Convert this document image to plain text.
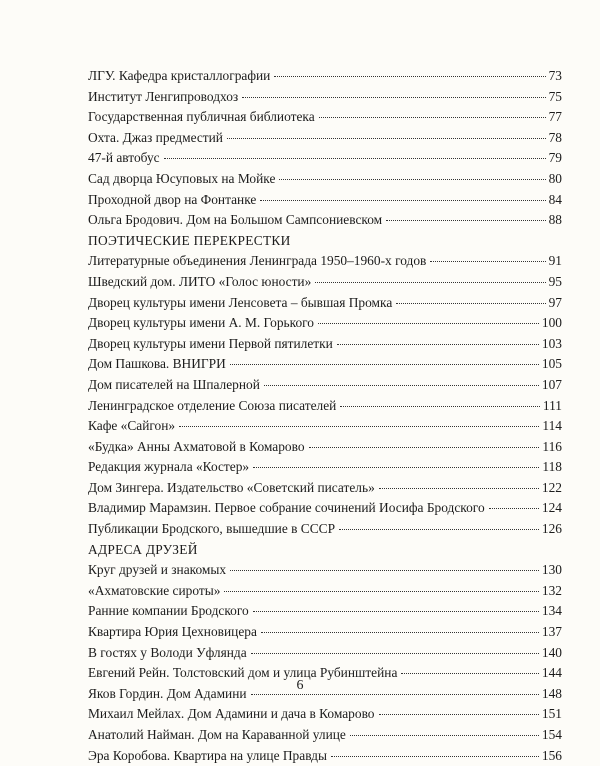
ЛГУ. Кафедра кристаллографии	73
Институт Ленгипроводхоз	75
Государственная публичная библиотека	77
Охта. Джаз предместий	78
47-й автобус	79
Сад дворца Юсуповых на Мойке	80
Проходной двор на Фонтанке	84
Ольга Бродович. Дом на Большом Сампсониевском	88
ПОЭТИЧЕСКИЕ ПЕРЕКРЕСТКИ
Литературные объединения Ленинграда 1950–1960-х годов	91
Шведский дом. ЛИТО «Голос юности»	95
Дворец культуры имени Ленсовета – бывшая Промка	97
Дворец культуры имени А. М. Горького	100
Дворец культуры имени Первой пятилетки	103
Дом Пашкова. ВНИГРИ	105
Дом писателей на Шпалерной	107
Ленинградское отделение Союза писателей	111
Кафе «Сайгон»	114
«Будка» Анны Ахматовой в Комарово	116
Редакция журнала «Костер»	118
Дом Зингера. Издательство «Советский писатель»	122
Владимир Марамзин. Первое собрание сочинений Иосифа Бродского	124
Публикации Бродского, вышедшие в СССР	126
АДРЕСА ДРУЗЕЙ
Круг друзей и знакомых	130
«Ахматовские сироты»	132
Ранние компании Бродского	134
Квартира Юрия Цехновицера	137
В гостях у Володи Уфлянда	140
Евгений Рейн. Толстовский дом и улица Рубинштейна	144
Яков Гордин. Дом Адамини	148
Михаил Мейлах. Дом Адамини и дача в Комарово	151
Анатолий Найман. Дом на Караванной улице	154
Эра Коробова. Квартира на улице Правды	156
6
